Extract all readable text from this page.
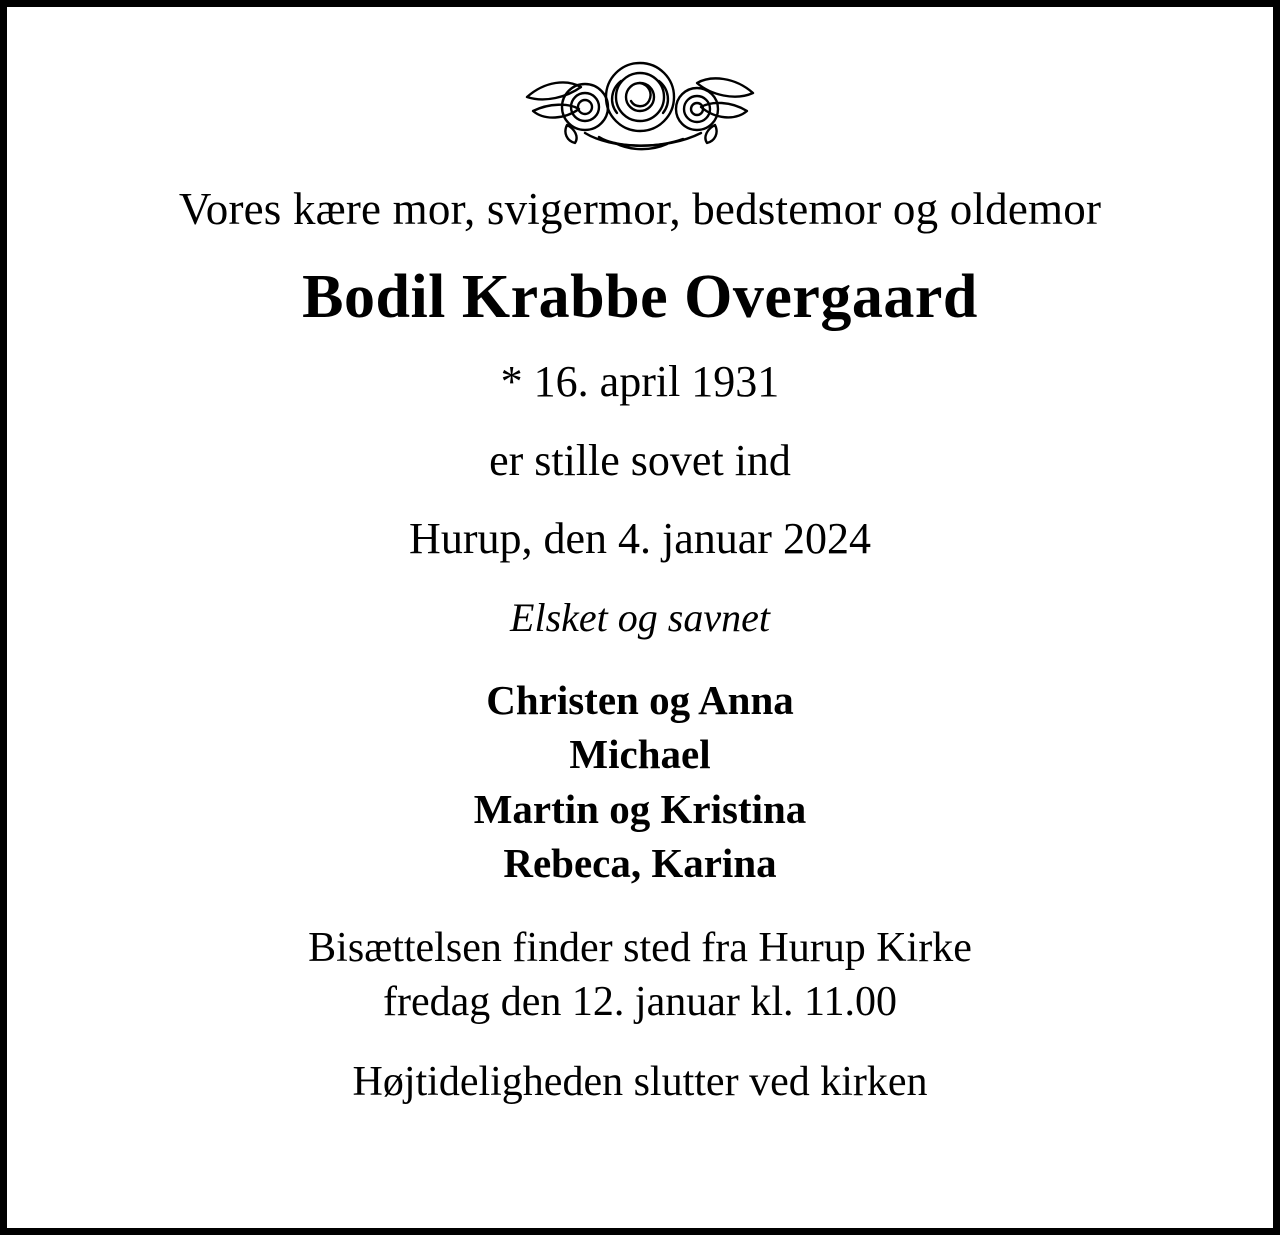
Vores kære mor, svigermor, bedstemor og oldemor
Bodil Krabbe Overgaard
* 16. april 1931
er stille sovet ind
Hurup, den 4. januar 2024
Elsket og savnet
Christen og Anna
Michael
Martin og Kristina
Rebeca, Karina
Bisættelsen finder sted fra Hurup Kirke
fredag den 12. januar kl. 11.00
Højtideligheden slutter ved kirken
